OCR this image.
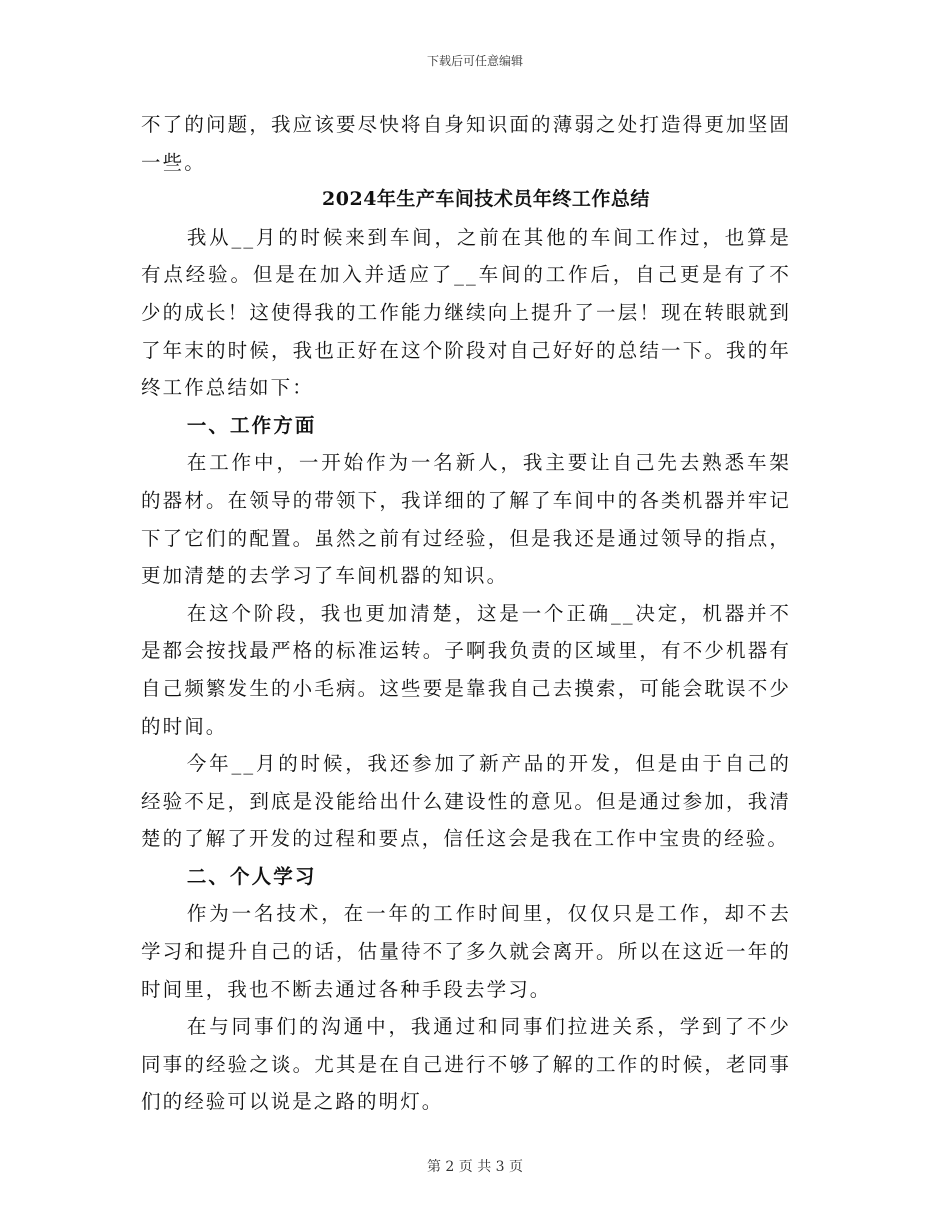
下载后可任意编辑

不了的问题，我应该要尽快将自身知识面的薄弱之处打造得更加坚固一些。

2024年生产车间技术员年终工作总结

我从__月的时候来到车间，之前在其他的车间工作过，也算是有点经验。但是在加入并适应了__车间的工作后，自己更是有了不少的成长！这使得我的工作能力继续向上提升了一层！现在转眼就到了年末的时候，我也正好在这个阶段对自己好好的总结一下。我的年终工作总结如下：

一、工作方面

在工作中，一开始作为一名新人，我主要让自己先去熟悉车架的器材。在领导的带领下，我详细的了解了车间中的各类机器并牢记下了它们的配置。虽然之前有过经验，但是我还是通过领导的指点，更加清楚的去学习了车间机器的知识。

在这个阶段，我也更加清楚，这是一个正确__决定，机器并不是都会按找最严格的标准运转。子啊我负责的区域里，有不少机器有自己频繁发生的小毛病。这些要是靠我自己去摸索，可能会耽误不少的时间。

今年__月的时候，我还参加了新产品的开发，但是由于自己的经验不足，到底是没能给出什么建设性的意见。但是通过参加，我清楚的了解了开发的过程和要点，信任这会是我在工作中宝贵的经验。

二、个人学习

作为一名技术，在一年的工作时间里，仅仅只是工作，却不去学习和提升自己的话，估量待不了多久就会离开。所以在这近一年的时间里，我也不断去通过各种手段去学习。

在与同事们的沟通中，我通过和同事们拉进关系，学到了不少同事的经验之谈。尤其是在自己进行不够了解的工作的时候，老同事们的经验可以说是之路的明灯。

第 2 页 共 3 页
